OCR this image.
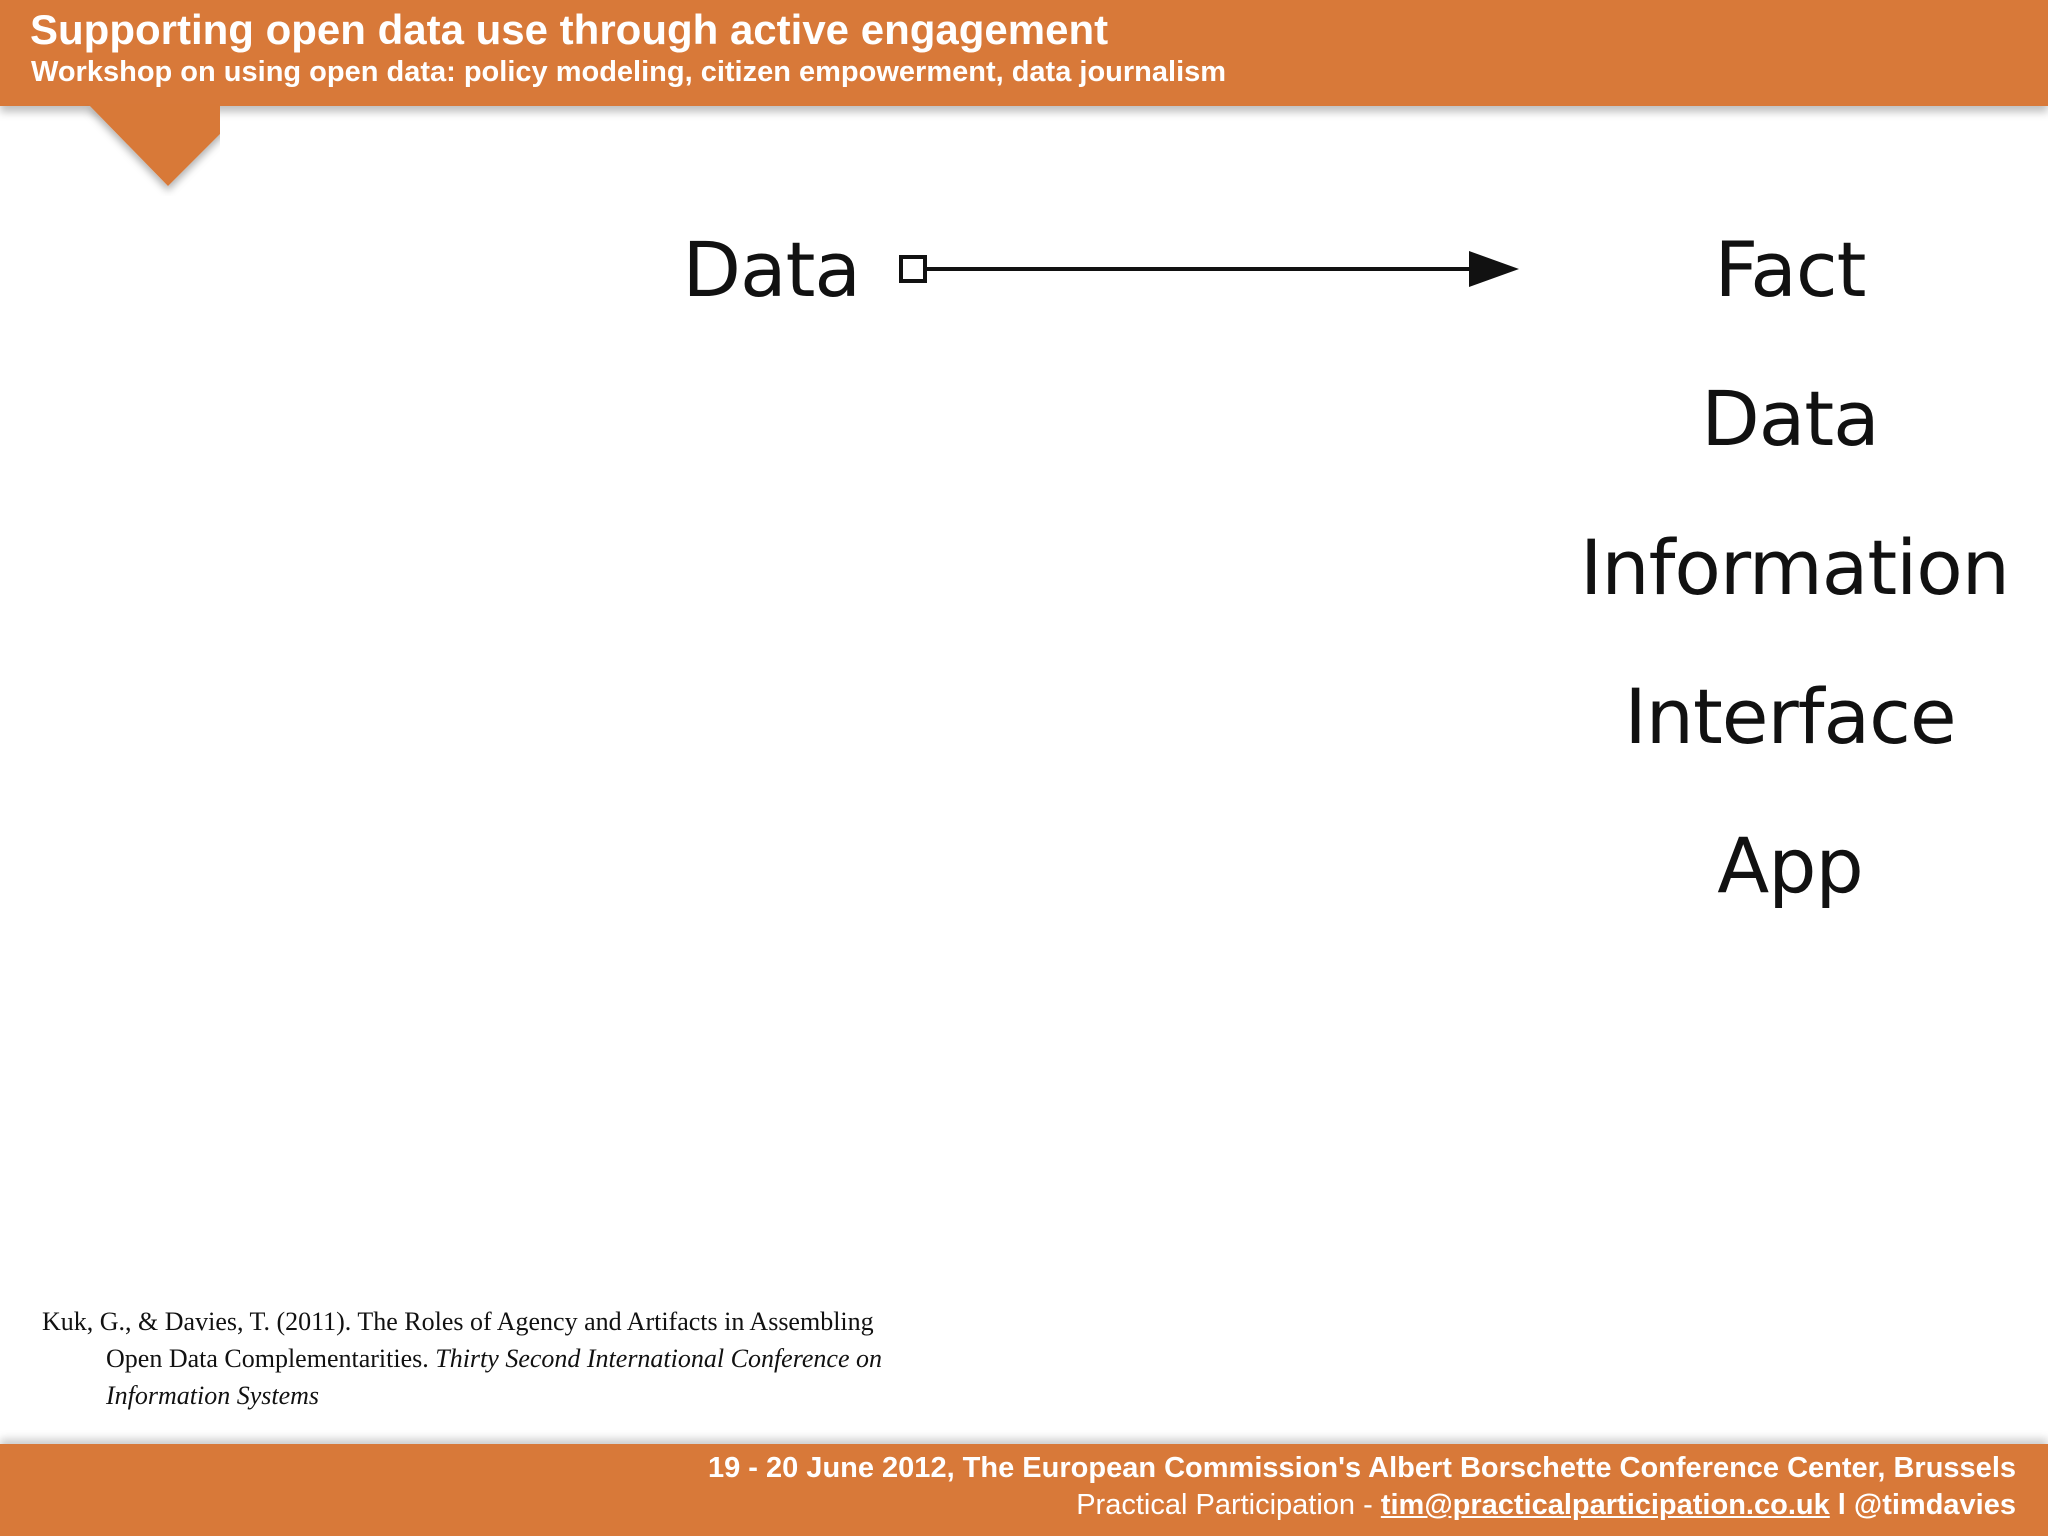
Supporting open data use through active engagement
Workshop on using open data: policy modeling, citizen empowerment, data journalism
Data	Fact
Data
Information
Interface
App
Kuk, G., & Davies, T. (2011). The Roles of Agency and Artifacts in Assembling
Open Data Complementarities. Thirty Second International Conference on
Information Systems
19 - 20 June 2012, The European Commission's Albert Borschette Conference Center, Brussels
Practical Participation - tim@practicalparticipation.co.uk l @timdavies
